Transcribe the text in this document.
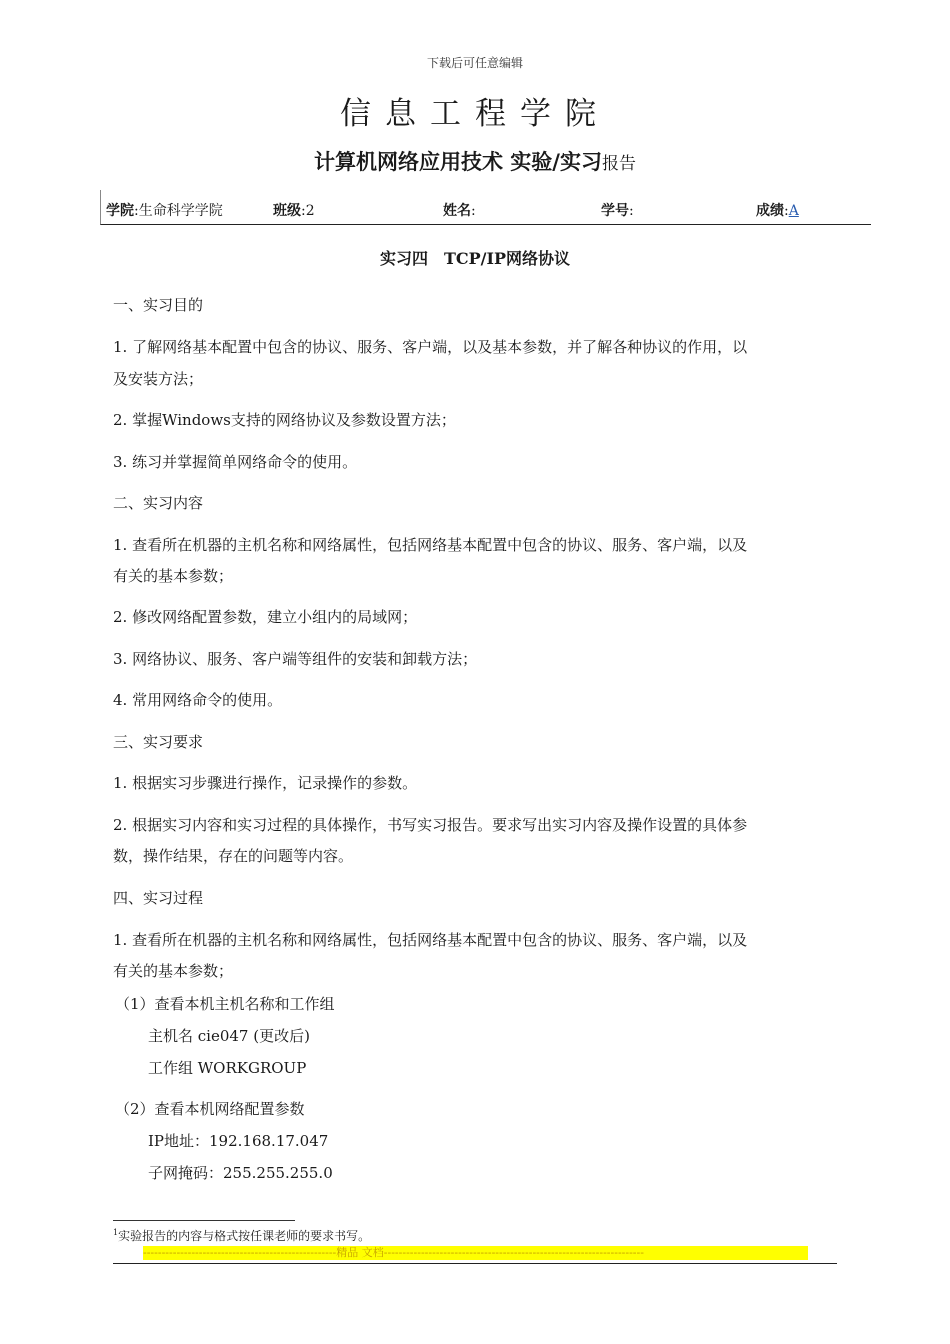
下载后可任意编辑
信息工程学院
计算机网络应用技术 实验/实习报告
学院:生命科学学院	班级:2	姓名:	学号:	成绩:A
实习四　TCP/IP网络协议
一、实习目的
1. 了解网络基本配置中包含的协议、服务、客户端，以及基本参数，并了解各种协议的作用，以
及安装方法；
2. 掌握Windows支持的网络协议及参数设置方法；
3. 练习并掌握简单网络命令的使用。
二、实习内容
1. 查看所在机器的主机名称和网络属性，包括网络基本配置中包含的协议、服务、客户端，以及
有关的基本参数；
2. 修改网络配置参数，建立小组内的局域网；
3. 网络协议、服务、客户端等组件的安装和卸载方法；
4. 常用网络命令的使用。
三、实习要求
1. 根据实习步骤进行操作，记录操作的参数。
2. 根据实习内容和实习过程的具体操作，书写实习报告。要求写出实习内容及操作设置的具体参
数，操作结果，存在的问题等内容。
四、实习过程
1. 查看所在机器的主机名称和网络属性，包括网络基本配置中包含的协议、服务、客户端，以及
有关的基本参数；
（1）查看本机主机名称和工作组
主机名 cie047 (更改后)
工作组 WORKGROUP
（2）查看本机网络配置参数
IP地址：192.168.17.047
子网掩码：255.255.255.0
$^1$实验报告的内容与格式按任课老师的要求书写。
----------------------------------------------------精品 文档----------------------------------------------------------------------
